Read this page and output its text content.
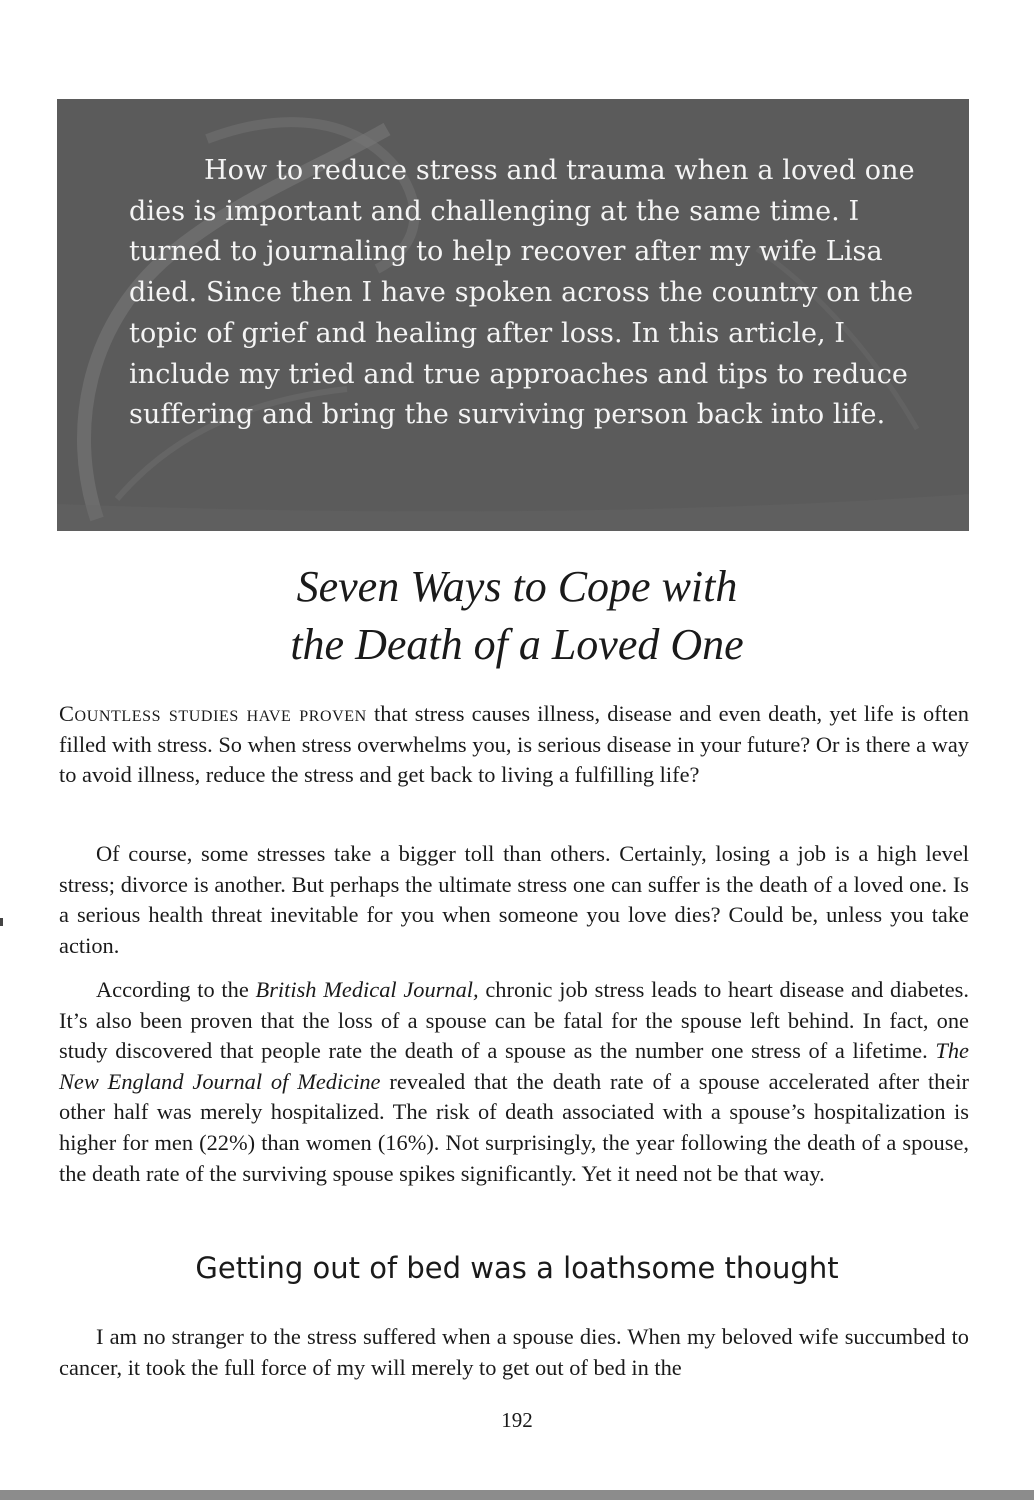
How to reduce stress and trauma when a loved one dies is important and challenging at the same time. I turned to journaling to help recover after my wife Lisa died. Since then I have spoken across the country on the topic of grief and healing after loss. In this article, I include my tried and true approaches and tips to reduce suffering and bring the surviving person back into life.

Seven Ways to Cope with
the Death of a Loved One

Countless studies have proven that stress causes illness, disease and even death, yet life is often filled with stress. So when stress overwhelms you, is serious disease in your future? Or is there a way to avoid illness, reduce the stress and get back to living a fulfilling life?

Of course, some stresses take a bigger toll than others. Certainly, losing a job is a high level stress; divorce is another. But perhaps the ultimate stress one can suffer is the death of a loved one. Is a serious health threat inevitable for you when someone you love dies? Could be, unless you take action.

According to the British Medical Journal, chronic job stress leads to heart disease and diabetes. It’s also been proven that the loss of a spouse can be fatal for the spouse left behind. In fact, one study discovered that people rate the death of a spouse as the number one stress of a lifetime. The New England Journal of Medicine revealed that the death rate of a spouse accelerated after their other half was merely hospitalized. The risk of death associated with a spouse’s hospitalization is higher for men (22%) than women (16%). Not surprisingly, the year following the death of a spouse, the death rate of the surviving spouse spikes significantly. Yet it need not be that way.

Getting out of bed was a loathsome thought

I am no stranger to the stress suffered when a spouse dies. When my beloved wife succumbed to cancer, it took the full force of my will merely to get out of bed in the

192
